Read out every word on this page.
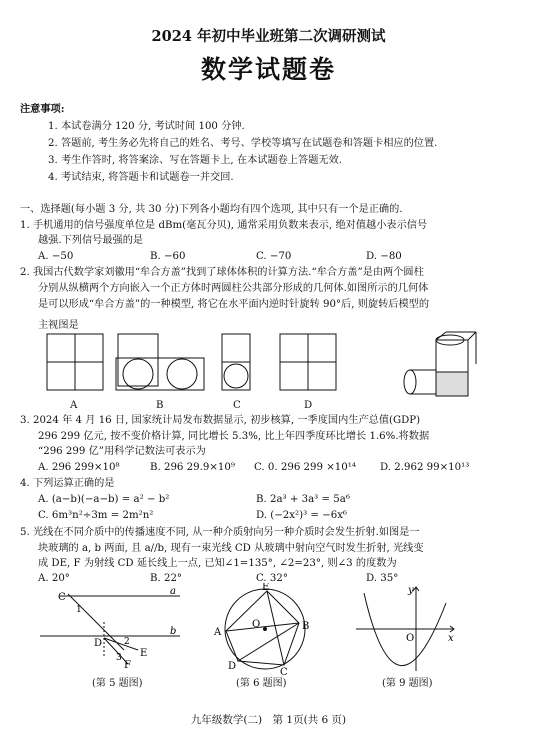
2024 年初中毕业班第二次调研测试
数学试题卷
注意事项:
1. 本试卷满分 120 分, 考试时间 100 分钟.
2. 答题前, 考生务必先将自己的姓名、考号、学校等填写在试题卷和答题卡相应的位置.
3. 考生作答时, 将答案涂、写在答题卡上, 在本试题卷上答题无效.
4. 考试结束, 将答题卡和试题卷一并交回.
一、选择题(每小题 3 分, 共 30 分)下列各小题均有四个选项, 其中只有一个是正确的.
1. 手机通用的信号强度单位是 dBm(毫瓦分贝), 通常采用负数来表示, 绝对值越小表示信号
越强.下列信号最强的是
A. −50	B. −60	C. −70	D. −80
2. 我国古代数学家刘徽用“牟合方盖”找到了球体体积的计算方法.“牟合方盖”是由两个圆柱
分别从纵横两个方向嵌入一个正方体时两圆柱公共部分形成的几何体.如图所示的几何体
是可以形成“牟合方盖”的一种模型, 将它在水平面内逆时针旋转 90°后, 则旋转后模型的
主视图是
A	B	C	D
3. 2024 年 4 月 16 日, 国家统计局发布数据显示, 初步核算, 一季度国内生产总值(GDP)
296 299 亿元, 按不变价格计算, 同比增长 5.3%, 比上年四季度环比增长 1.6%.将数据
“296 299 亿”用科学记数法可表示为
A. 296 299×10⁸	B. 296 29.9×10⁹ C. 0. 296 299 ×10¹⁴ D. 2.962 99×10¹³
4. 下列运算正确的是
A. (a−b)(−a−b) = a² − b²	B. 2a³ + 3a³ = 5a⁶
C. 6m³n²÷3m = 2m²n²	D. (−2x²)³ = −6x⁶
5. 光线在不同介质中的传播速度不同, 从一种介质射向另一种介质时会发生折射.如图是一
块玻璃的 a, b 两面, 且 a//b, 现有一束光线 CD 从玻璃中射向空气时发生折射, 光线变
成 DE, F 为射线 CD 延长线上一点, 已知∠1=135°, ∠2=23°, 则∠3 的度数为
A. 20°	B. 22°	C. 32°	D. 35°
C
a
b
D
E
F
1
2
3
(第 5 题图)
A
B
C
D
E
O
(第 6 题图)
y
x
O
(第 9 题图)
九年级数学(二)　第 1页(共 6 页)
